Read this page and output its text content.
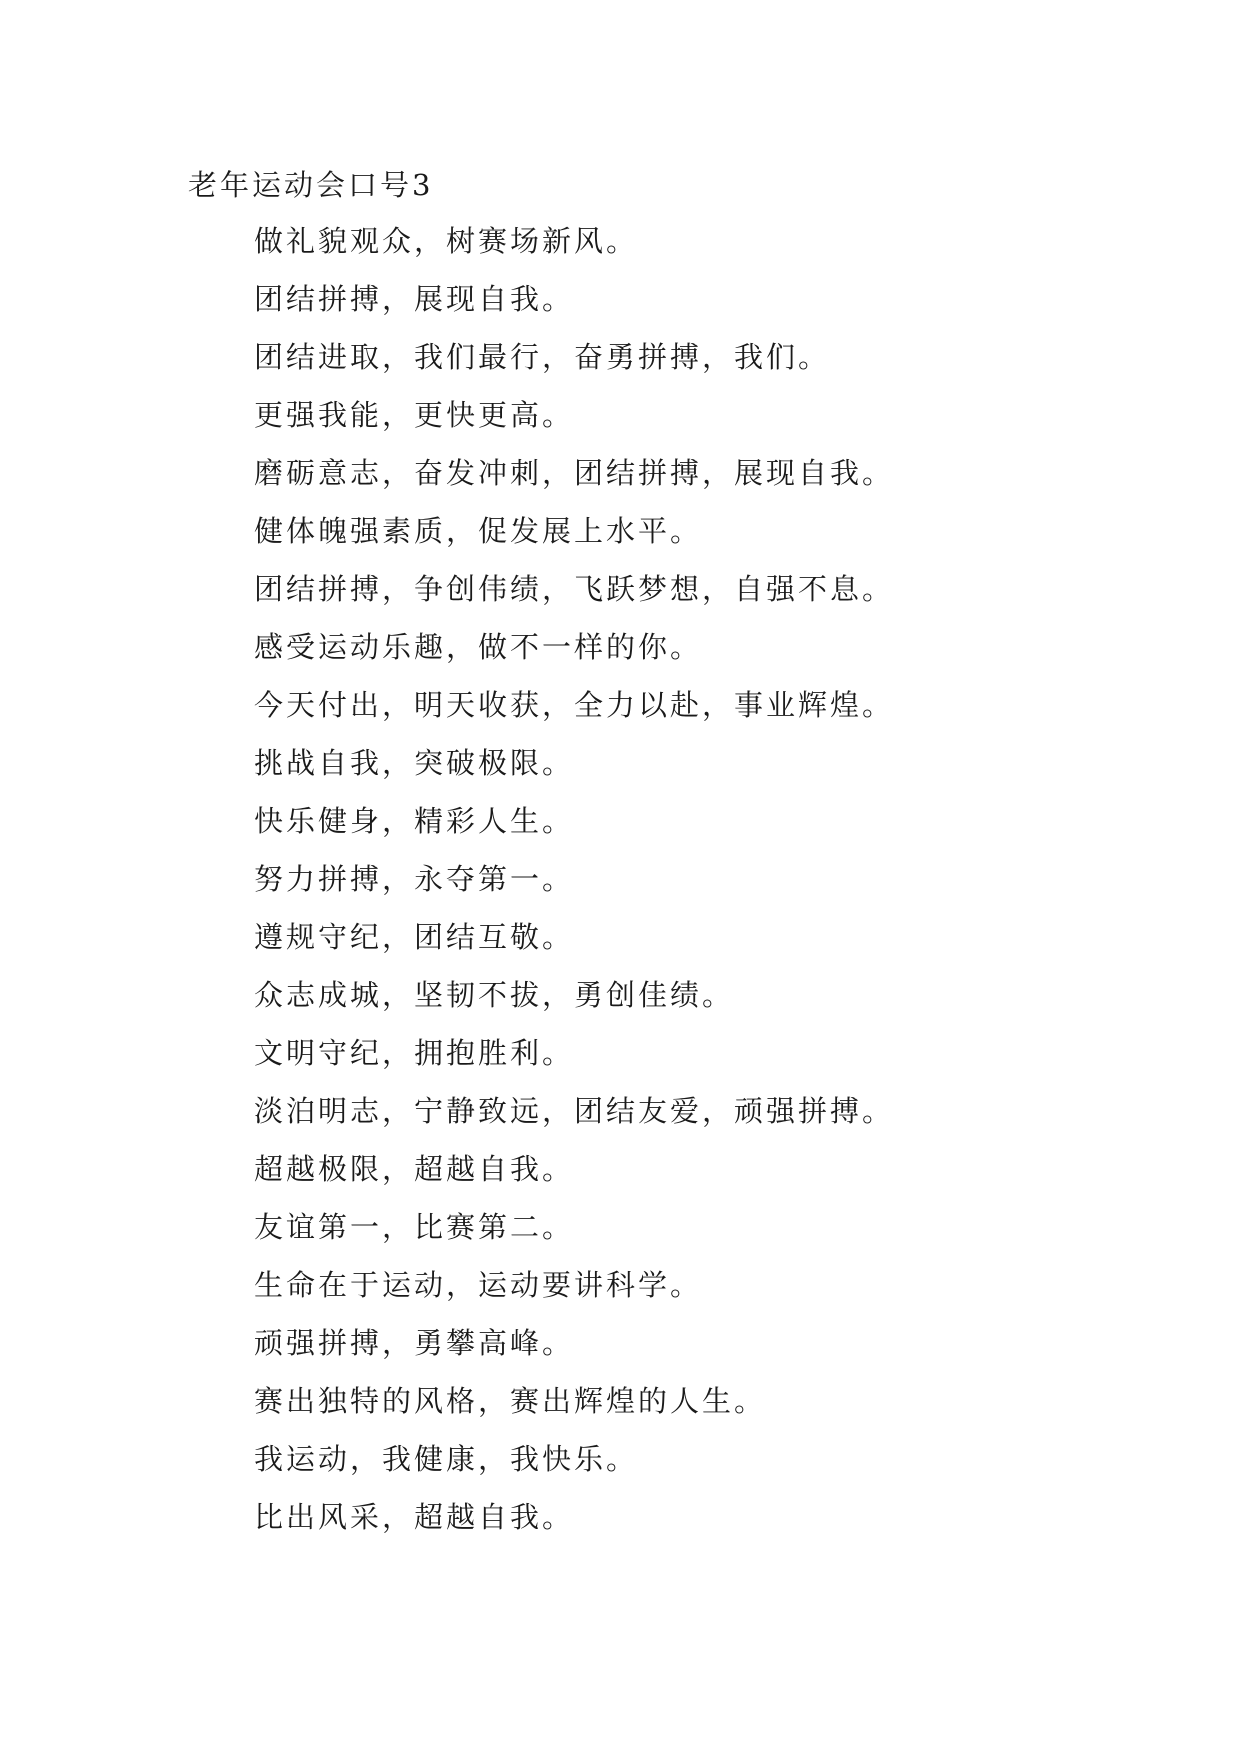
老年运动会口号3
做礼貌观众，树赛场新风。
团结拼搏，展现自我。
团结进取，我们最行，奋勇拼搏，我们。
更强我能，更快更高。
磨砺意志，奋发冲刺，团结拼搏，展现自我。
健体魄强素质，促发展上水平。
团结拼搏，争创伟绩，飞跃梦想，自强不息。
感受运动乐趣，做不一样的你。
今天付出，明天收获，全力以赴，事业辉煌。
挑战自我，突破极限。
快乐健身，精彩人生。
努力拼搏，永夺第一。
遵规守纪，团结互敬。
众志成城，坚韧不拔，勇创佳绩。
文明守纪，拥抱胜利。
淡泊明志，宁静致远，团结友爱，顽强拼搏。
超越极限，超越自我。
友谊第一，比赛第二。
生命在于运动，运动要讲科学。
顽强拼搏，勇攀高峰。
赛出独特的风格，赛出辉煌的人生。
我运动，我健康，我快乐。
比出风采，超越自我。
